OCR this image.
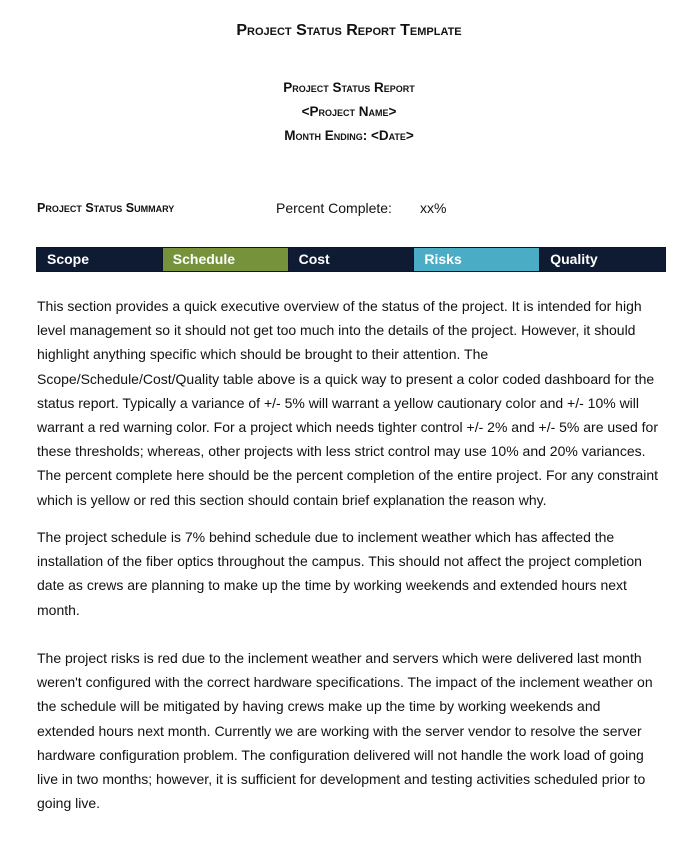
Project Status Report Template
Project Status Report
<Project Name>
Month Ending: <Date>
Project Status Summary	Percent Complete: xx%
Scope	Schedule	Cost	Risks	Quality

This section provides a quick executive overview of the status of the project. It is intended for high level management so it should not get too much into the details of the project. However, it should highlight anything specific which should be brought to their attention. The Scope/Schedule/Cost/Quality table above is a quick way to present a color coded dashboard for the status report. Typically a variance of +/- 5% will warrant a yellow cautionary color and +/- 10% will warrant a red warning color. For a project which needs tighter control +/- 2% and +/- 5% are used for these thresholds; whereas, other projects with less strict control may use 10% and 20% variances. The percent complete here should be the percent completion of the entire project. For any constraint which is yellow or red this section should contain brief explanation the reason why.

The project schedule is 7% behind schedule due to inclement weather which has affected the installation of the fiber optics throughout the campus. This should not affect the project completion date as crews are planning to make up the time by working weekends and extended hours next month.

The project risks is red due to the inclement weather and servers which were delivered last month weren't configured with the correct hardware specifications. The impact of the inclement weather on the schedule will be mitigated by having crews make up the time by working weekends and extended hours next month. Currently we are working with the server vendor to resolve the server hardware configuration problem. The configuration delivered will not handle the work load of going live in two months; however, it is sufficient for development and testing activities scheduled prior to going live.
